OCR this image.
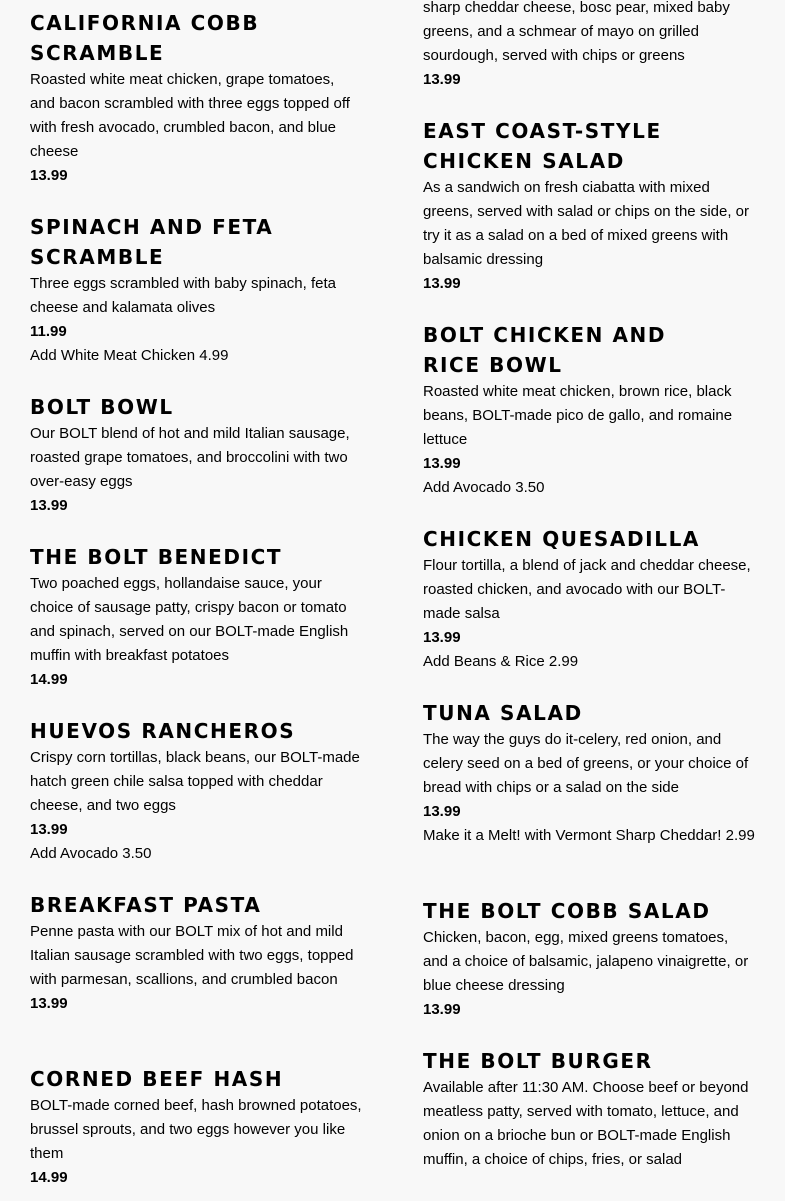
CALIFORNIA COBB SCRAMBLE

Roasted white meat chicken, grape tomatoes, and bacon scrambled with three eggs topped off with fresh avocado, crumbled bacon, and blue cheese

13.99

SPINACH AND FETA SCRAMBLE

Three eggs scrambled with baby spinach, feta cheese and kalamata olives

11.99

Add White Meat Chicken 4.99

BOLT BOWL

Our BOLT blend of hot and mild Italian sausage, roasted grape tomatoes, and broccolini with two over-easy eggs

13.99

THE BOLT BENEDICT

Two poached eggs, hollandaise sauce, your choice of sausage patty, crispy bacon or tomato and spinach, served on our BOLT-made English muffin with breakfast potatoes

14.99

HUEVOS RANCHEROS

Crispy corn tortillas, black beans, our BOLT-made hatch green chile salsa topped with cheddar cheese, and two eggs

13.99

Add Avocado 3.50

BREAKFAST PASTA

Penne pasta with our BOLT mix of hot and mild Italian sausage scrambled with two eggs, topped with parmesan, scallions, and crumbled bacon

13.99

CORNED BEEF HASH

BOLT-made corned beef, hash browned potatoes, brussel sprouts, and two eggs however you like them

14.99

sharp cheddar cheese, bosc pear, mixed baby greens, and a schmear of mayo on grilled sourdough, served with chips or greens

13.99

EAST COAST-STYLE CHICKEN SALAD

As a sandwich on fresh ciabatta with mixed greens, served with salad or chips on the side, or try it as a salad on a bed of mixed greens with balsamic dressing

13.99

BOLT CHICKEN AND RICE BOWL

Roasted white meat chicken, brown rice, black beans, BOLT-made pico de gallo, and romaine lettuce

13.99

Add Avocado 3.50

CHICKEN QUESADILLA

Flour tortilla, a blend of jack and cheddar cheese, roasted chicken, and avocado with our BOLT-made salsa

13.99

Add Beans & Rice 2.99

TUNA SALAD

The way the guys do it-celery, red onion, and celery seed on a bed of greens, or your choice of bread with chips or a salad on the side

13.99

Make it a Melt! with Vermont Sharp Cheddar! 2.99

THE BOLT COBB SALAD

Chicken, bacon, egg, mixed greens tomatoes, and a choice of balsamic, jalapeno vinaigrette, or blue cheese dressing

13.99

THE BOLT BURGER

Available after 11:30 AM. Choose beef or beyond meatless patty, served with tomato, lettuce, and onion on a brioche bun or BOLT-made English muffin, a choice of chips, fries, or salad
